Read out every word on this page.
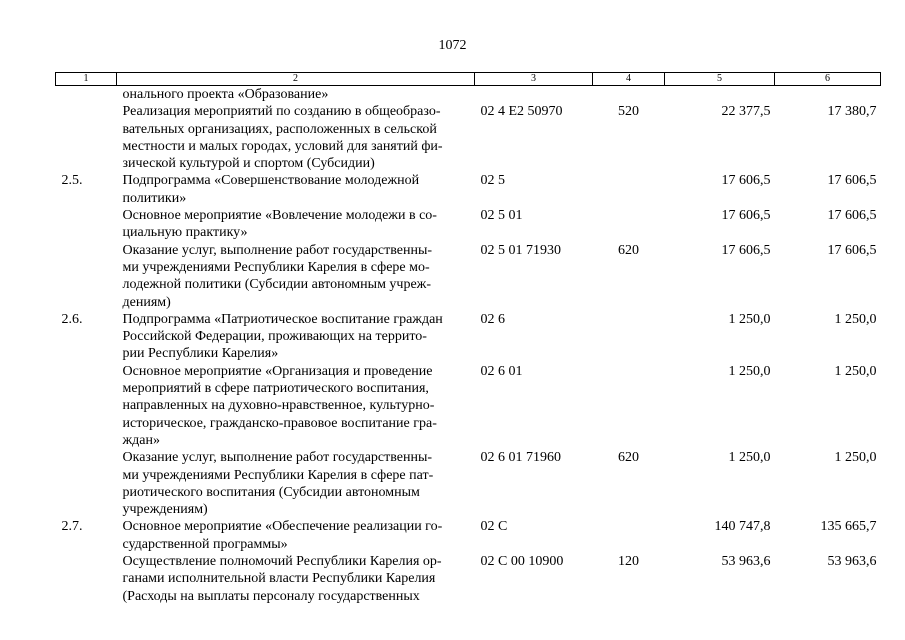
1072
1	2	3	4	5	6

	онального проекта «Образование»				

	Реализация мероприятий по созданию в общеобразо-
вательных организациях, расположенных в сельской
местности и малых городах, условий для занятий фи-
зической культурой и спортом (Субсидии)	02 4 E2 50970	520	22 377,5	17 380,7
2.5.	Подпрограмма «Совершенствование молодежной
политики»	02 5		17 606,5	17 606,5

	Основное мероприятие «Вовлечение молодежи в со-
циальную практику»	02 5 01		17 606,5	17 606,5

	Оказание услуг, выполнение работ государственны-
ми учреждениями Республики Карелия в сфере мо-
лодежной политики (Субсидии автономным учреж-
дениям)	02 5 01 71930	620	17 606,5	17 606,5
2.6.	Подпрограмма «Патриотическое воспитание граждан
Российской Федерации, проживающих на террито-
рии Республики Карелия»	02 6		1 250,0	1 250,0

	Основное мероприятие «Организация и проведение
мероприятий в сфере патриотического воспитания,
направленных на духовно-нравственное, культурно-
историческое, гражданско-правовое воспитание гра-
ждан»	02 6 01		1 250,0	1 250,0

	Оказание услуг, выполнение работ государственны-
ми учреждениями Республики Карелия в сфере пат-
риотического воспитания (Субсидии автономным
учреждениям)	02 6 01 71960	620	1 250,0	1 250,0
2.7.	Основное мероприятие «Обеспечение реализации го-
сударственной программы»	02 С		140 747,8	135 665,7

	Осуществление полномочий Республики Карелия ор-
ганами исполнительной власти Республики Карелия
(Расходы на выплаты персоналу государственных	02 С 00 10900	120	53 963,6	53 963,6
